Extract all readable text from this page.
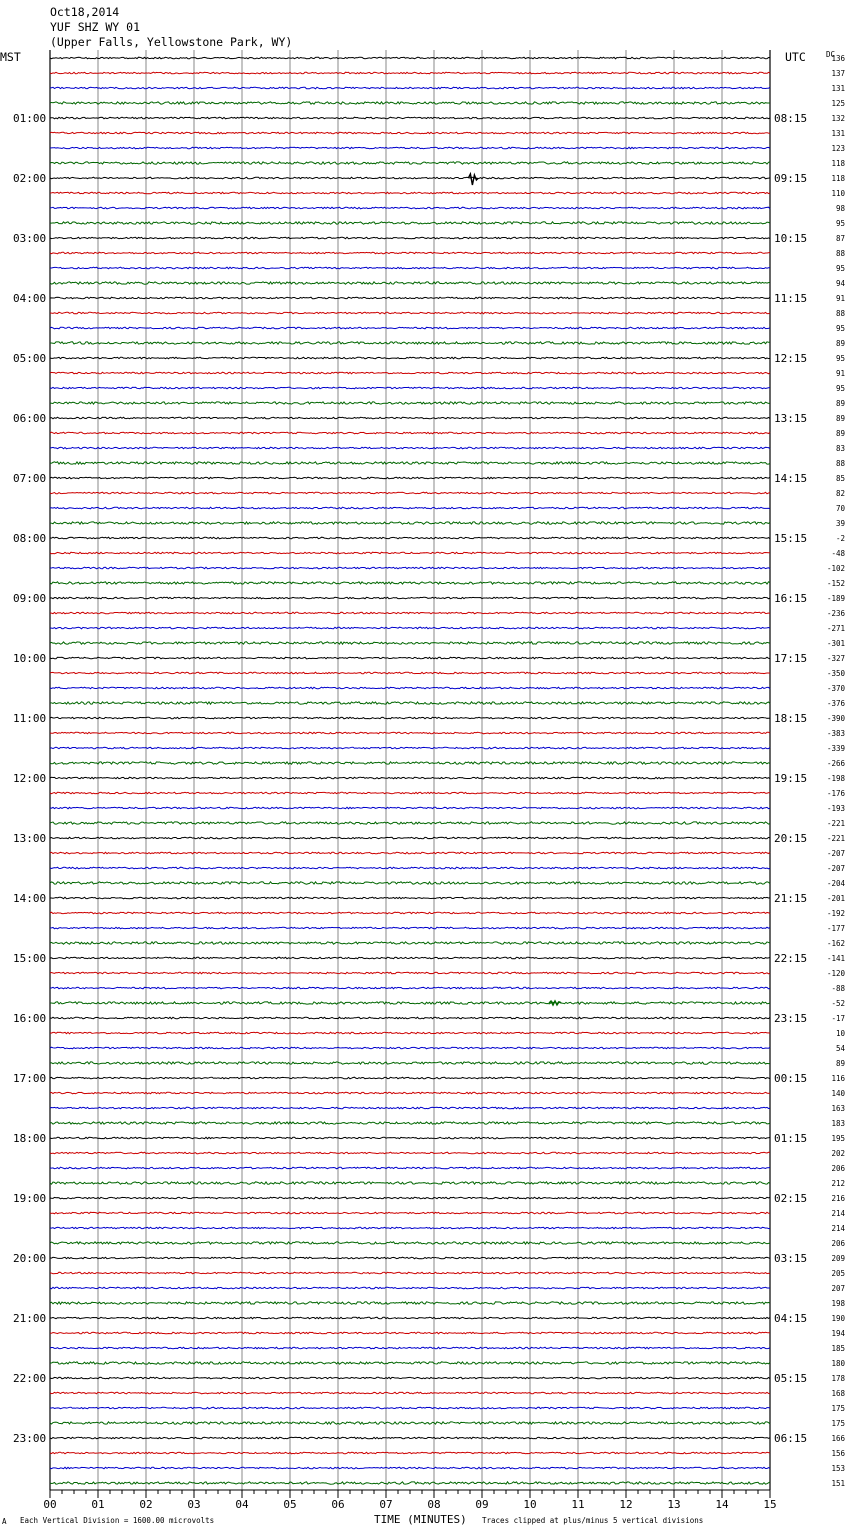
Oct18,2014
YUF SHZ WY 01
(Upper Falls, Yellowstone Park, WY)
MST	UTC	DC
01:00
02:00
03:00
04:00
05:00
06:00
07:00
08:00
09:00
10:00
11:00
12:00
13:00
14:00
15:00
16:00
17:00
18:00
19:00
20:00
21:00
22:00
23:00
08:15
09:15
10:15
11:15
12:15
13:15
14:15
15:15
16:15
17:15
18:15
19:15
20:15
21:15
22:15
23:15
00:15
01:15
02:15
03:15
04:15
05:15
06:15
136
137
131
125
132
131
123
118
118
110
98
95
87
88
95
94
91
88
95
89
95
91
95
89
89
89
83
88
85
82
70
39
-2
-48
-102
-152
-189
-236
-271
-301
-327
-350
-370
-376
-390
-383
-339
-266
-198
-176
-193
-221
-221
-207
-207
-204
-201
-192
-177
-162
-141
-120
-88
-52
-17
10
54
89
116
140
163
183
195
202
206
212
216
214
214
206
209
205
207
198
190
194
185
180
178
168
175
175
166
156
153
151
00	01	02	03	04	05	06	07	08	09	10	11	12	13	14	15
A Each Vertical Division = 1600.00 microvolts	TIME (MINUTES) Traces clipped at plus/minus 5 vertical divisions
